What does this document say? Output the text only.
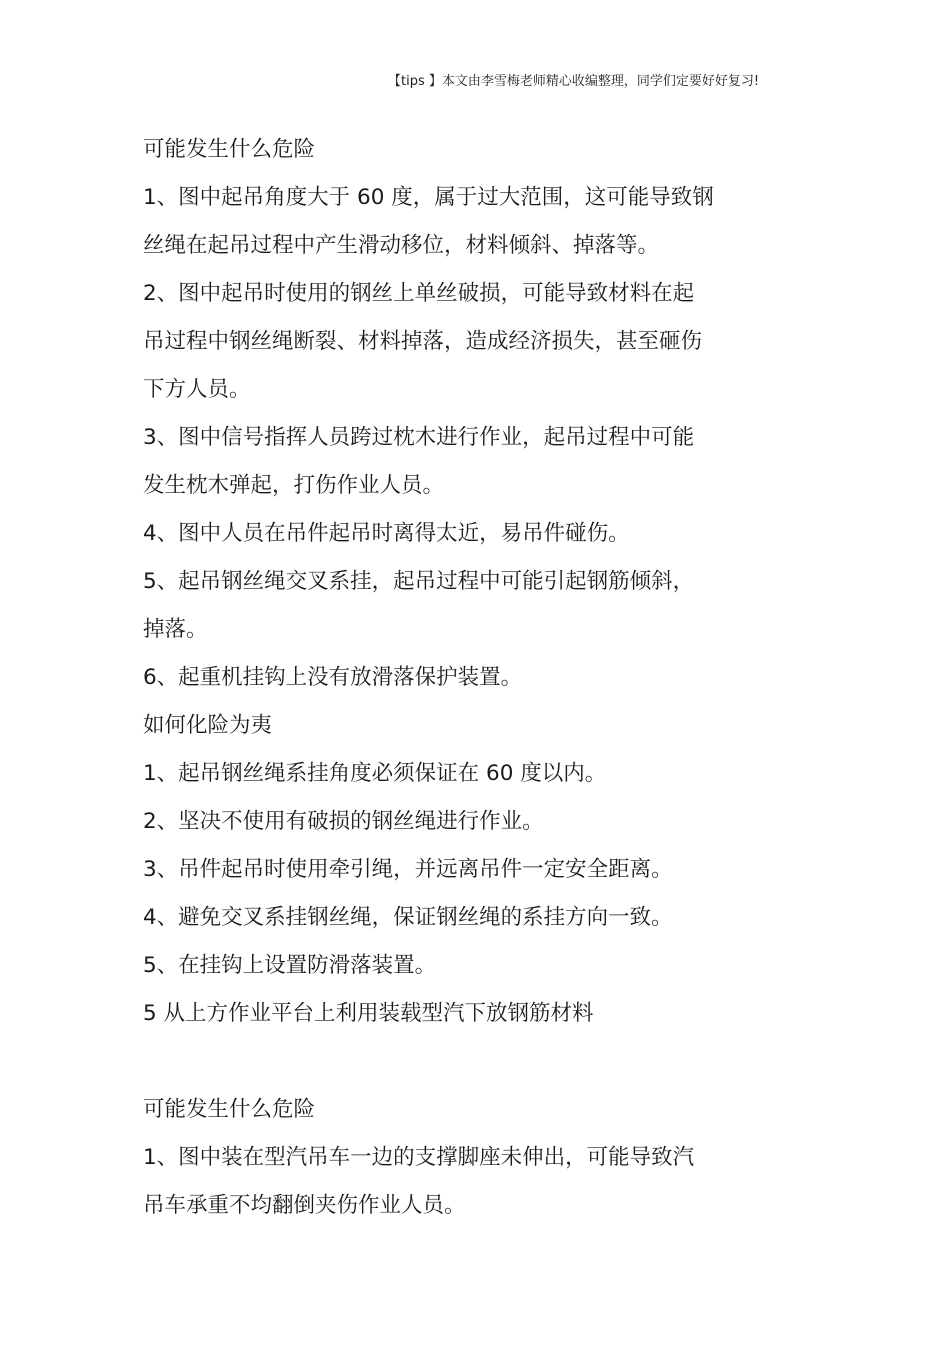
【tips 】本文由李雪梅老师精心收编整理，同学们定要好好复习!
可能发生什么危险
1、图中起吊角度大于 60 度，属于过大范围，这可能导致钢
丝绳在起吊过程中产生滑动移位，材料倾斜、掉落等。
2、图中起吊时使用的钢丝上单丝破损，可能导致材料在起
吊过程中钢丝绳断裂、材料掉落，造成经济损失，甚至砸伤
下方人员。
3、图中信号指挥人员跨过枕木进行作业，起吊过程中可能
发生枕木弹起，打伤作业人员。
4、图中人员在吊件起吊时离得太近，易吊件碰伤。
5、起吊钢丝绳交叉系挂，起吊过程中可能引起钢筋倾斜，
掉落。
6、起重机挂钩上没有放滑落保护装置。
如何化险为夷
1、起吊钢丝绳系挂角度必须保证在 60 度以内。
2、坚决不使用有破损的钢丝绳进行作业。
3、吊件起吊时使用牵引绳，并远离吊件一定安全距离。
4、避免交叉系挂钢丝绳，保证钢丝绳的系挂方向一致。
5、在挂钩上设置防滑落装置。
5 从上方作业平台上利用装载型汽下放钢筋材料
可能发生什么危险
1、图中装在型汽吊车一边的支撑脚座未伸出，可能导致汽
吊车承重不均翻倒夹伤作业人员。
